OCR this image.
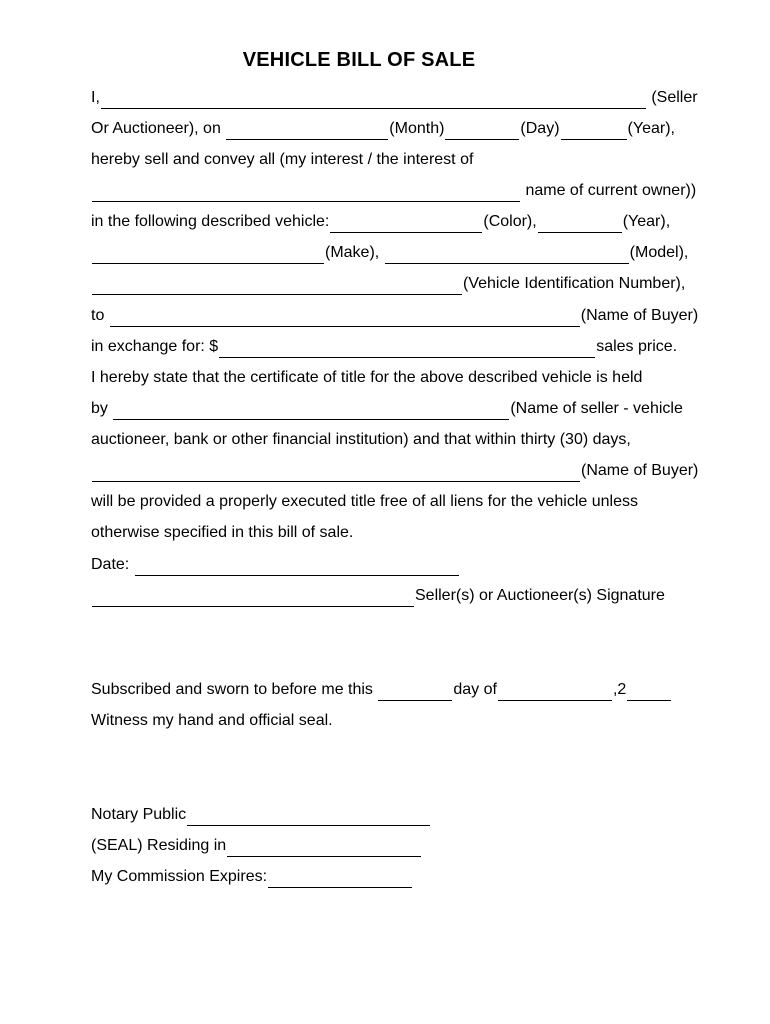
VEHICLE BILL OF SALE
I,	(Seller
Or Auctioneer), on	(Month)	(Day)	(Year),
hereby sell and convey all (my interest / the interest of
name of current owner))
in the following described vehicle:	(Color),	(Year),
(Make),	(Model),
(Vehicle Identification Number),
to	(Name of Buyer)
in exchange for: $	sales price.
I hereby state that the certificate of title for the above described vehicle is held
by	(Name of seller - vehicle
auctioneer, bank or other financial institution) and that within thirty (30) days,
(Name of Buyer)
will be provided a properly executed title free of all liens for the vehicle unless
otherwise specified in this bill of sale.
Date:
Seller(s) or Auctioneer(s) Signature
Subscribed and sworn to before me this	day of	,2
Witness my hand and official seal.
Notary Public
(SEAL) Residing in
My Commission Expires:
